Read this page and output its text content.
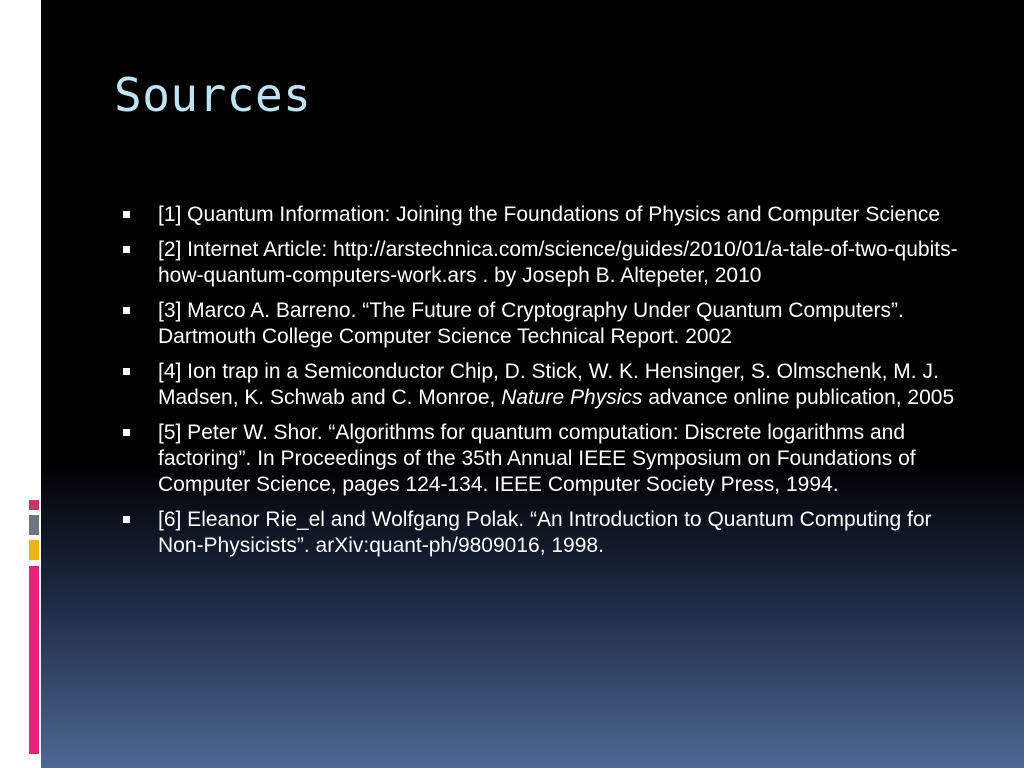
Sources
[1] Quantum Information: Joining the Foundations of Physics and Computer Science
[2] Internet Article: http://arstechnica.com/science/guides/2010/01/a-tale-of-two-qubits-how-quantum-computers-work.ars . by Joseph B. Altepeter, 2010
[3] Marco A. Barreno. “The Future of Cryptography Under Quantum Computers”. Dartmouth College Computer Science Technical Report. 2002
[4] Ion trap in a Semiconductor Chip, D. Stick, W. K. Hensinger, S. Olmschenk, M. J. Madsen, K. Schwab and C. Monroe, Nature Physics advance online publication, 2005
[5] Peter W. Shor. “Algorithms for quantum computation: Discrete logarithms and factoring”. In Proceedings of the 35th Annual IEEE Symposium on Foundations of Computer Science, pages 124-134. IEEE Computer Society Press, 1994.
[6] Eleanor Rie_el and Wolfgang Polak. “An Introduction to Quantum Computing for Non-Physicists”. arXiv:quant-ph/9809016, 1998.
